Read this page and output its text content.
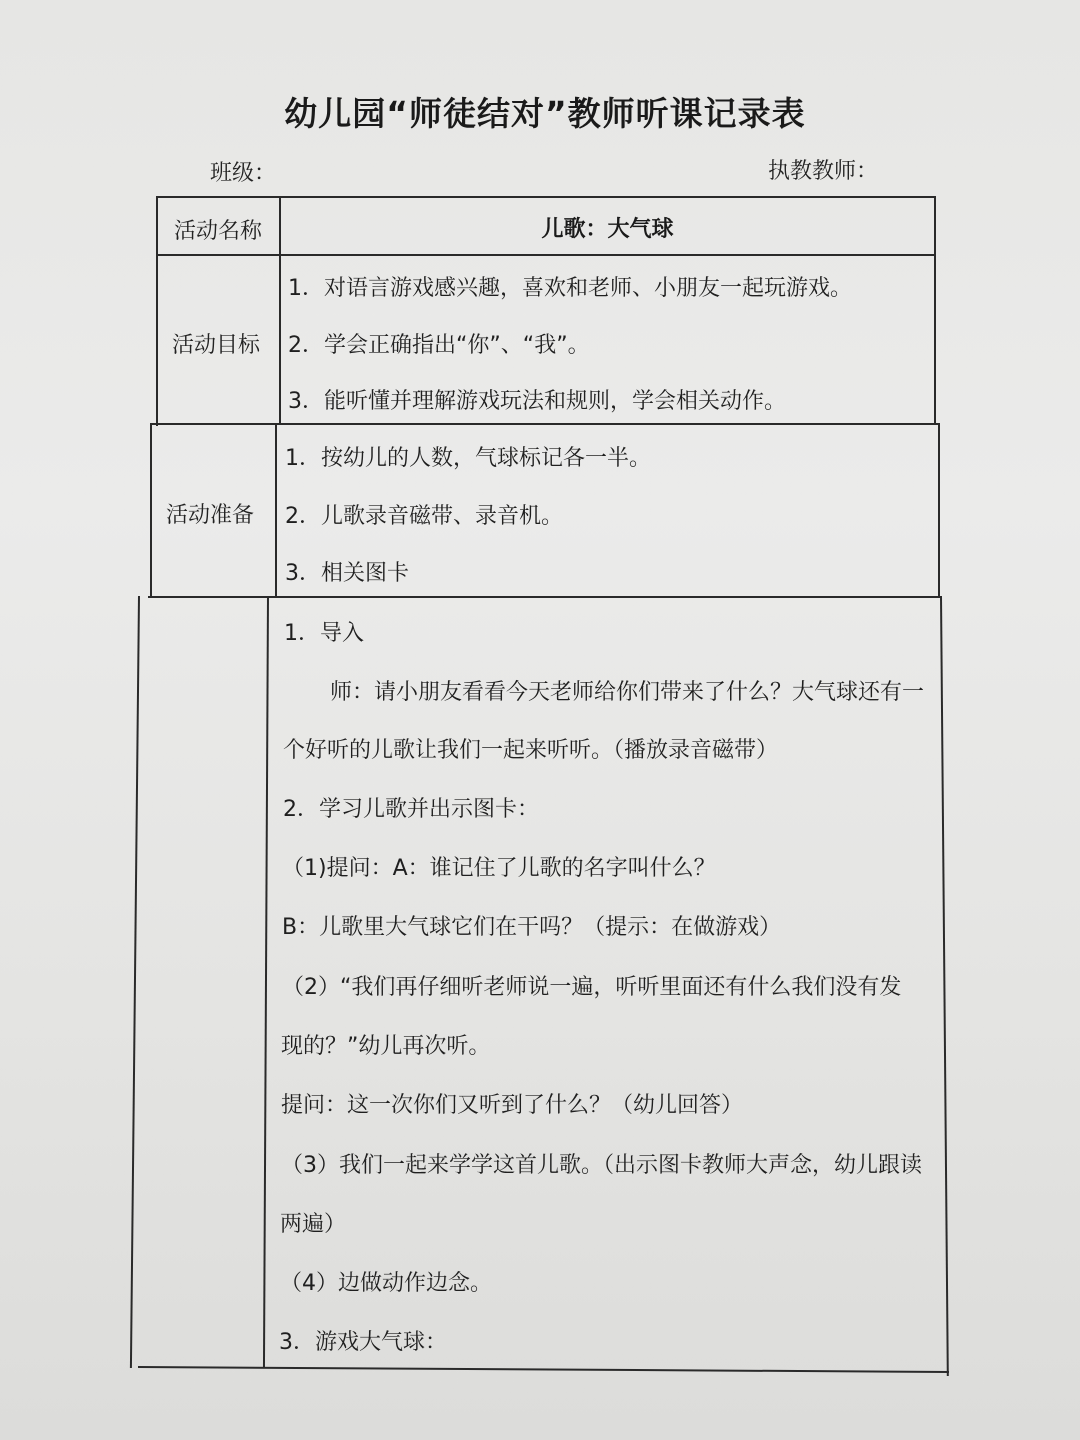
幼儿园“师徒结对”教师听课记录表
班级：	执教教师：
活动名称	儿歌：大气球
活动目标
1．对语言游戏感兴趣，喜欢和老师、小朋友一起玩游戏。
2．学会正确指出“你”、“我”。
3．能听懂并理解游戏玩法和规则，学会相关动作。
活动准备
1．按幼儿的人数，气球标记各一半。
2．儿歌录音磁带、录音机。
3．相关图卡
1．导入
师：请小朋友看看今天老师给你们带来了什么？大气球还有一
个好听的儿歌让我们一起来听听。（播放录音磁带）
2．学习儿歌并出示图卡：
（1)提问：A：谁记住了儿歌的名字叫什么？
B：儿歌里大气球它们在干吗？（提示：在做游戏）
（2）“我们再仔细听老师说一遍，听听里面还有什么我们没有发
现的？”幼儿再次听。
提问：这一次你们又听到了什么？（幼儿回答）
（3）我们一起来学学这首儿歌。（出示图卡教师大声念，幼儿跟读
两遍）
（4）边做动作边念。
3．游戏大气球：
